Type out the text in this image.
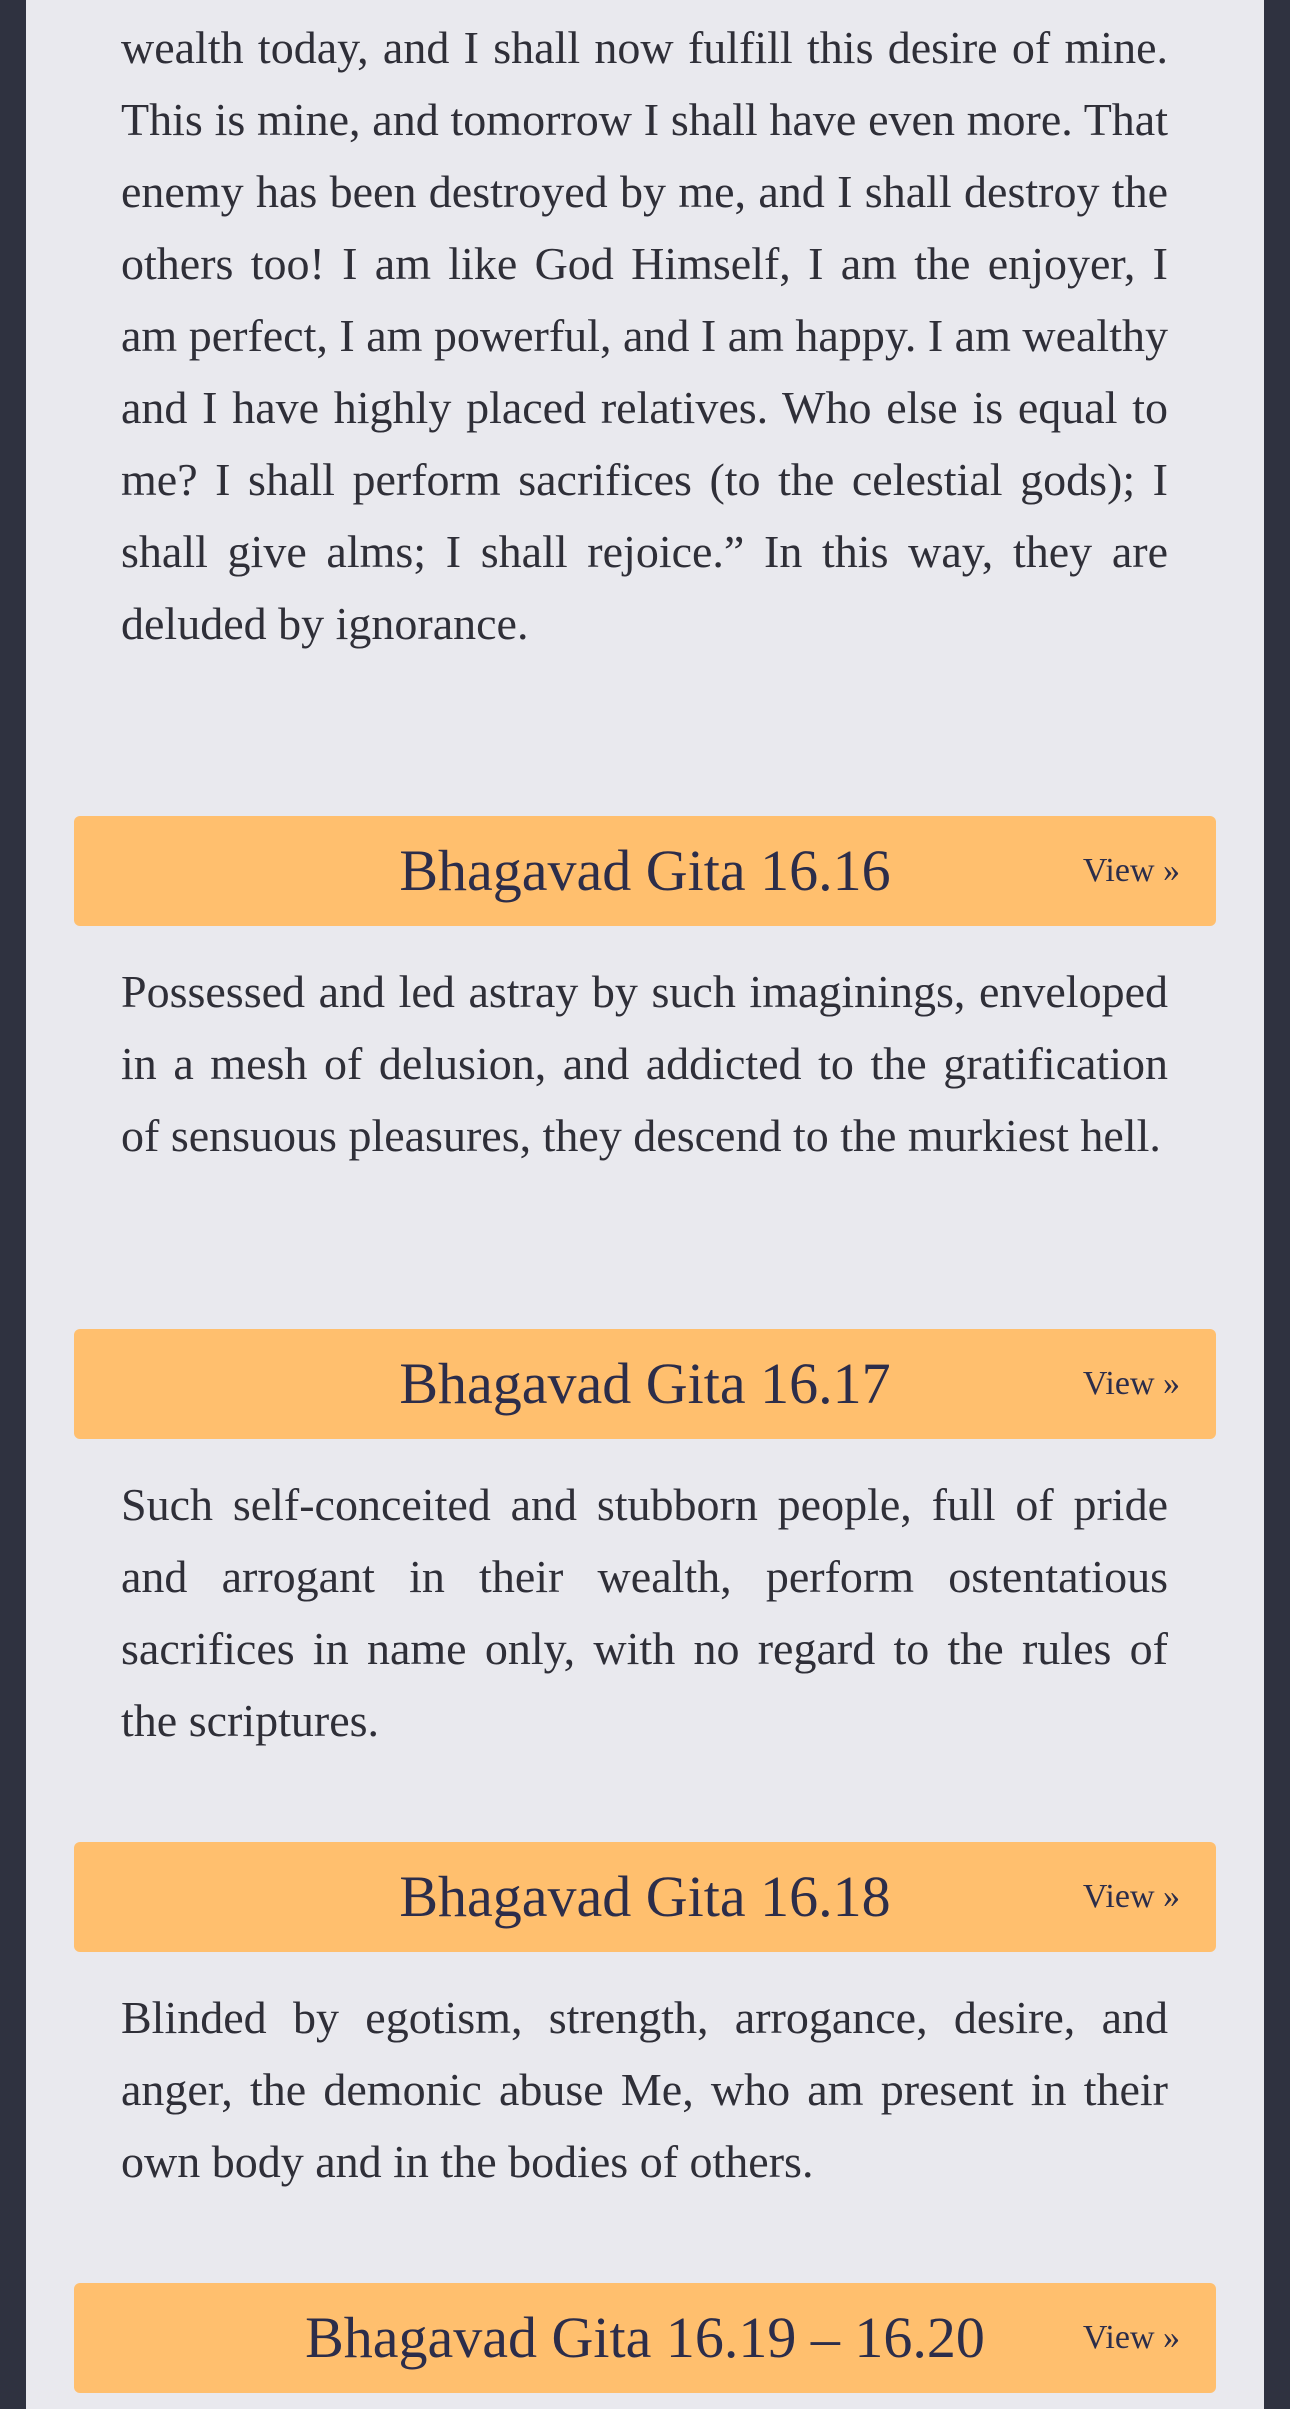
wealth today, and I shall now fulfill this desire of mine. This is mine, and tomorrow I shall have even more. That enemy has been destroyed by me, and I shall destroy the others too! I am like God Himself, I am the enjoyer, I am perfect, I am powerful, and I am happy. I am wealthy and I have highly placed relatives. Who else is equal to me? I shall perform sacrifices (to the celestial gods); I shall give alms; I shall rejoice.” In this way, they are deluded by ignorance.

Bhagavad Gita 16.16	View »

Possessed and led astray by such imaginings, enveloped in a mesh of delusion, and addicted to the gratification of sensuous pleasures, they descend to the murkiest hell.

Bhagavad Gita 16.17	View »

Such self-conceited and stubborn people, full of pride and arrogant in their wealth, perform ostentatious sacrifices in name only, with no regard to the rules of the scriptures.

Bhagavad Gita 16.18	View »

Blinded by egotism, strength, arrogance, desire, and anger, the demonic abuse Me, who am present in their own body and in the bodies of others.

Bhagavad Gita 16.19 – 16.20	View »
